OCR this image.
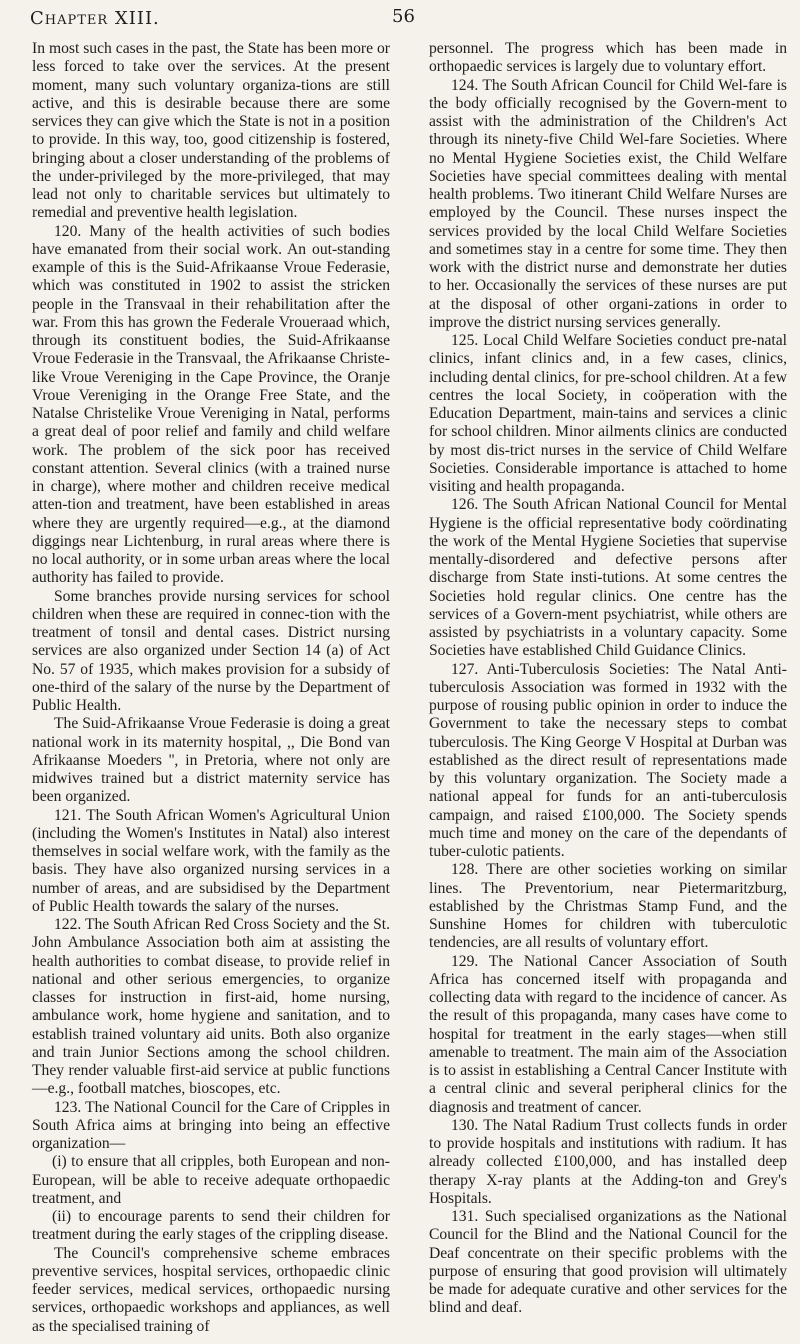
Chapter XIII.	56

In most such cases in the past, the State has been more or less forced to take over the services. At the present moment, many such voluntary organiza-tions are still active, and this is desirable because there are some services they can give which the State is not in a position to provide. In this way, too, good citizenship is fostered, bringing about a closer understanding of the problems of the under-privileged by the more-privileged, that may lead not only to charitable services but ultimately to remedial and preventive health legislation.

120. Many of the health activities of such bodies have emanated from their social work. An out-standing example of this is the Suid-Afrikaanse Vroue Federasie, which was constituted in 1902 to assist the stricken people in the Transvaal in their rehabilitation after the war. From this has grown the Federale Vroueraad which, through its constituent bodies, the Suid-Afrikaanse Vroue Federasie in the Transvaal, the Afrikaanse Christe-like Vroue Vereniging in the Cape Province, the Oranje Vroue Vereniging in the Orange Free State, and the Natalse Christelike Vroue Vereniging in Natal, performs a great deal of poor relief and family and child welfare work. The problem of the sick poor has received constant attention. Several clinics (with a trained nurse in charge), where mother and children receive medical atten-tion and treatment, have been established in areas where they are urgently required—e.g., at the diamond diggings near Lichtenburg, in rural areas where there is no local authority, or in some urban areas where the local authority has failed to provide.

Some branches provide nursing services for school children when these are required in connec-tion with the treatment of tonsil and dental cases. District nursing services are also organized under Section 14 (a) of Act No. 57 of 1935, which makes provision for a subsidy of one-third of the salary of the nurse by the Department of Public Health.

The Suid-Afrikaanse Vroue Federasie is doing a great national work in its maternity hospital, ,, Die Bond van Afrikaanse Moeders '', in Pretoria, where not only are midwives trained but a district maternity service has been organized.

121. The South African Women's Agricultural Union (including the Women's Institutes in Natal) also interest themselves in social welfare work, with the family as the basis. They have also organized nursing services in a number of areas, and are subsidised by the Department of Public Health towards the salary of the nurses.

122. The South African Red Cross Society and the St. John Ambulance Association both aim at assisting the health authorities to combat disease, to provide relief in national and other serious emergencies, to organize classes for instruction in first-aid, home nursing, ambulance work, home hygiene and sanitation, and to establish trained voluntary aid units. Both also organize and train Junior Sections among the school children. They render valuable first-aid service at public functions —e.g., football matches, bioscopes, etc.

123. The National Council for the Care of Cripples in South Africa aims at bringing into being an effective organization—

(i) to ensure that all cripples, both European and non-European, will be able to receive adequate orthopaedic treatment, and

(ii) to encourage parents to send their children for treatment during the early stages of the crippling disease.

The Council's comprehensive scheme embraces preventive services, hospital services, orthopaedic clinic feeder services, medical services, orthopaedic nursing services, orthopaedic workshops and appliances, as well as the specialised training of

personnel. The progress which has been made in orthopaedic services is largely due to voluntary effort.

124. The South African Council for Child Wel-fare is the body officially recognised by the Govern-ment to assist with the administration of the Children's Act through its ninety-five Child Wel-fare Societies. Where no Mental Hygiene Societies exist, the Child Welfare Societies have special committees dealing with mental health problems. Two itinerant Child Welfare Nurses are employed by the Council. These nurses inspect the services provided by the local Child Welfare Societies and sometimes stay in a centre for some time. They then work with the district nurse and demonstrate her duties to her. Occasionally the services of these nurses are put at the disposal of other organi-zations in order to improve the district nursing services generally.

125. Local Child Welfare Societies conduct pre-natal clinics, infant clinics and, in a few cases, clinics, including dental clinics, for pre-school children. At a few centres the local Society, in coöperation with the Education Department, main-tains and services a clinic for school children. Minor ailments clinics are conducted by most dis-trict nurses in the service of Child Welfare Societies. Considerable importance is attached to home visiting and health propaganda.

126. The South African National Council for Mental Hygiene is the official representative body coördinating the work of the Mental Hygiene Societies that supervise mentally-disordered and defective persons after discharge from State insti-tutions. At some centres the Societies hold regular clinics. One centre has the services of a Govern-ment psychiatrist, while others are assisted by psychiatrists in a voluntary capacity. Some Societies have established Child Guidance Clinics.

127. Anti-Tuberculosis Societies: The Natal Anti-tuberculosis Association was formed in 1932 with the purpose of rousing public opinion in order to induce the Government to take the necessary steps to combat tuberculosis. The King George V Hospital at Durban was established as the direct result of representations made by this voluntary organization. The Society made a national appeal for funds for an anti-tuberculosis campaign, and raised £100,000. The Society spends much time and money on the care of the dependants of tuber-culotic patients.

128. There are other societies working on similar lines. The Preventorium, near Pietermaritzburg, established by the Christmas Stamp Fund, and the Sunshine Homes for children with tuberculotic tendencies, are all results of voluntary effort.

129. The National Cancer Association of South Africa has concerned itself with propaganda and collecting data with regard to the incidence of cancer. As the result of this propaganda, many cases have come to hospital for treatment in the early stages—when still amenable to treatment. The main aim of the Association is to assist in establishing a Central Cancer Institute with a central clinic and several peripheral clinics for the diagnosis and treatment of cancer.

130. The Natal Radium Trust collects funds in order to provide hospitals and institutions with radium. It has already collected £100,000, and has installed deep therapy X-ray plants at the Adding-ton and Grey's Hospitals.

131. Such specialised organizations as the National Council for the Blind and the National Council for the Deaf concentrate on their specific problems with the purpose of ensuring that good provision will ultimately be made for adequate curative and other services for the blind and deaf.
